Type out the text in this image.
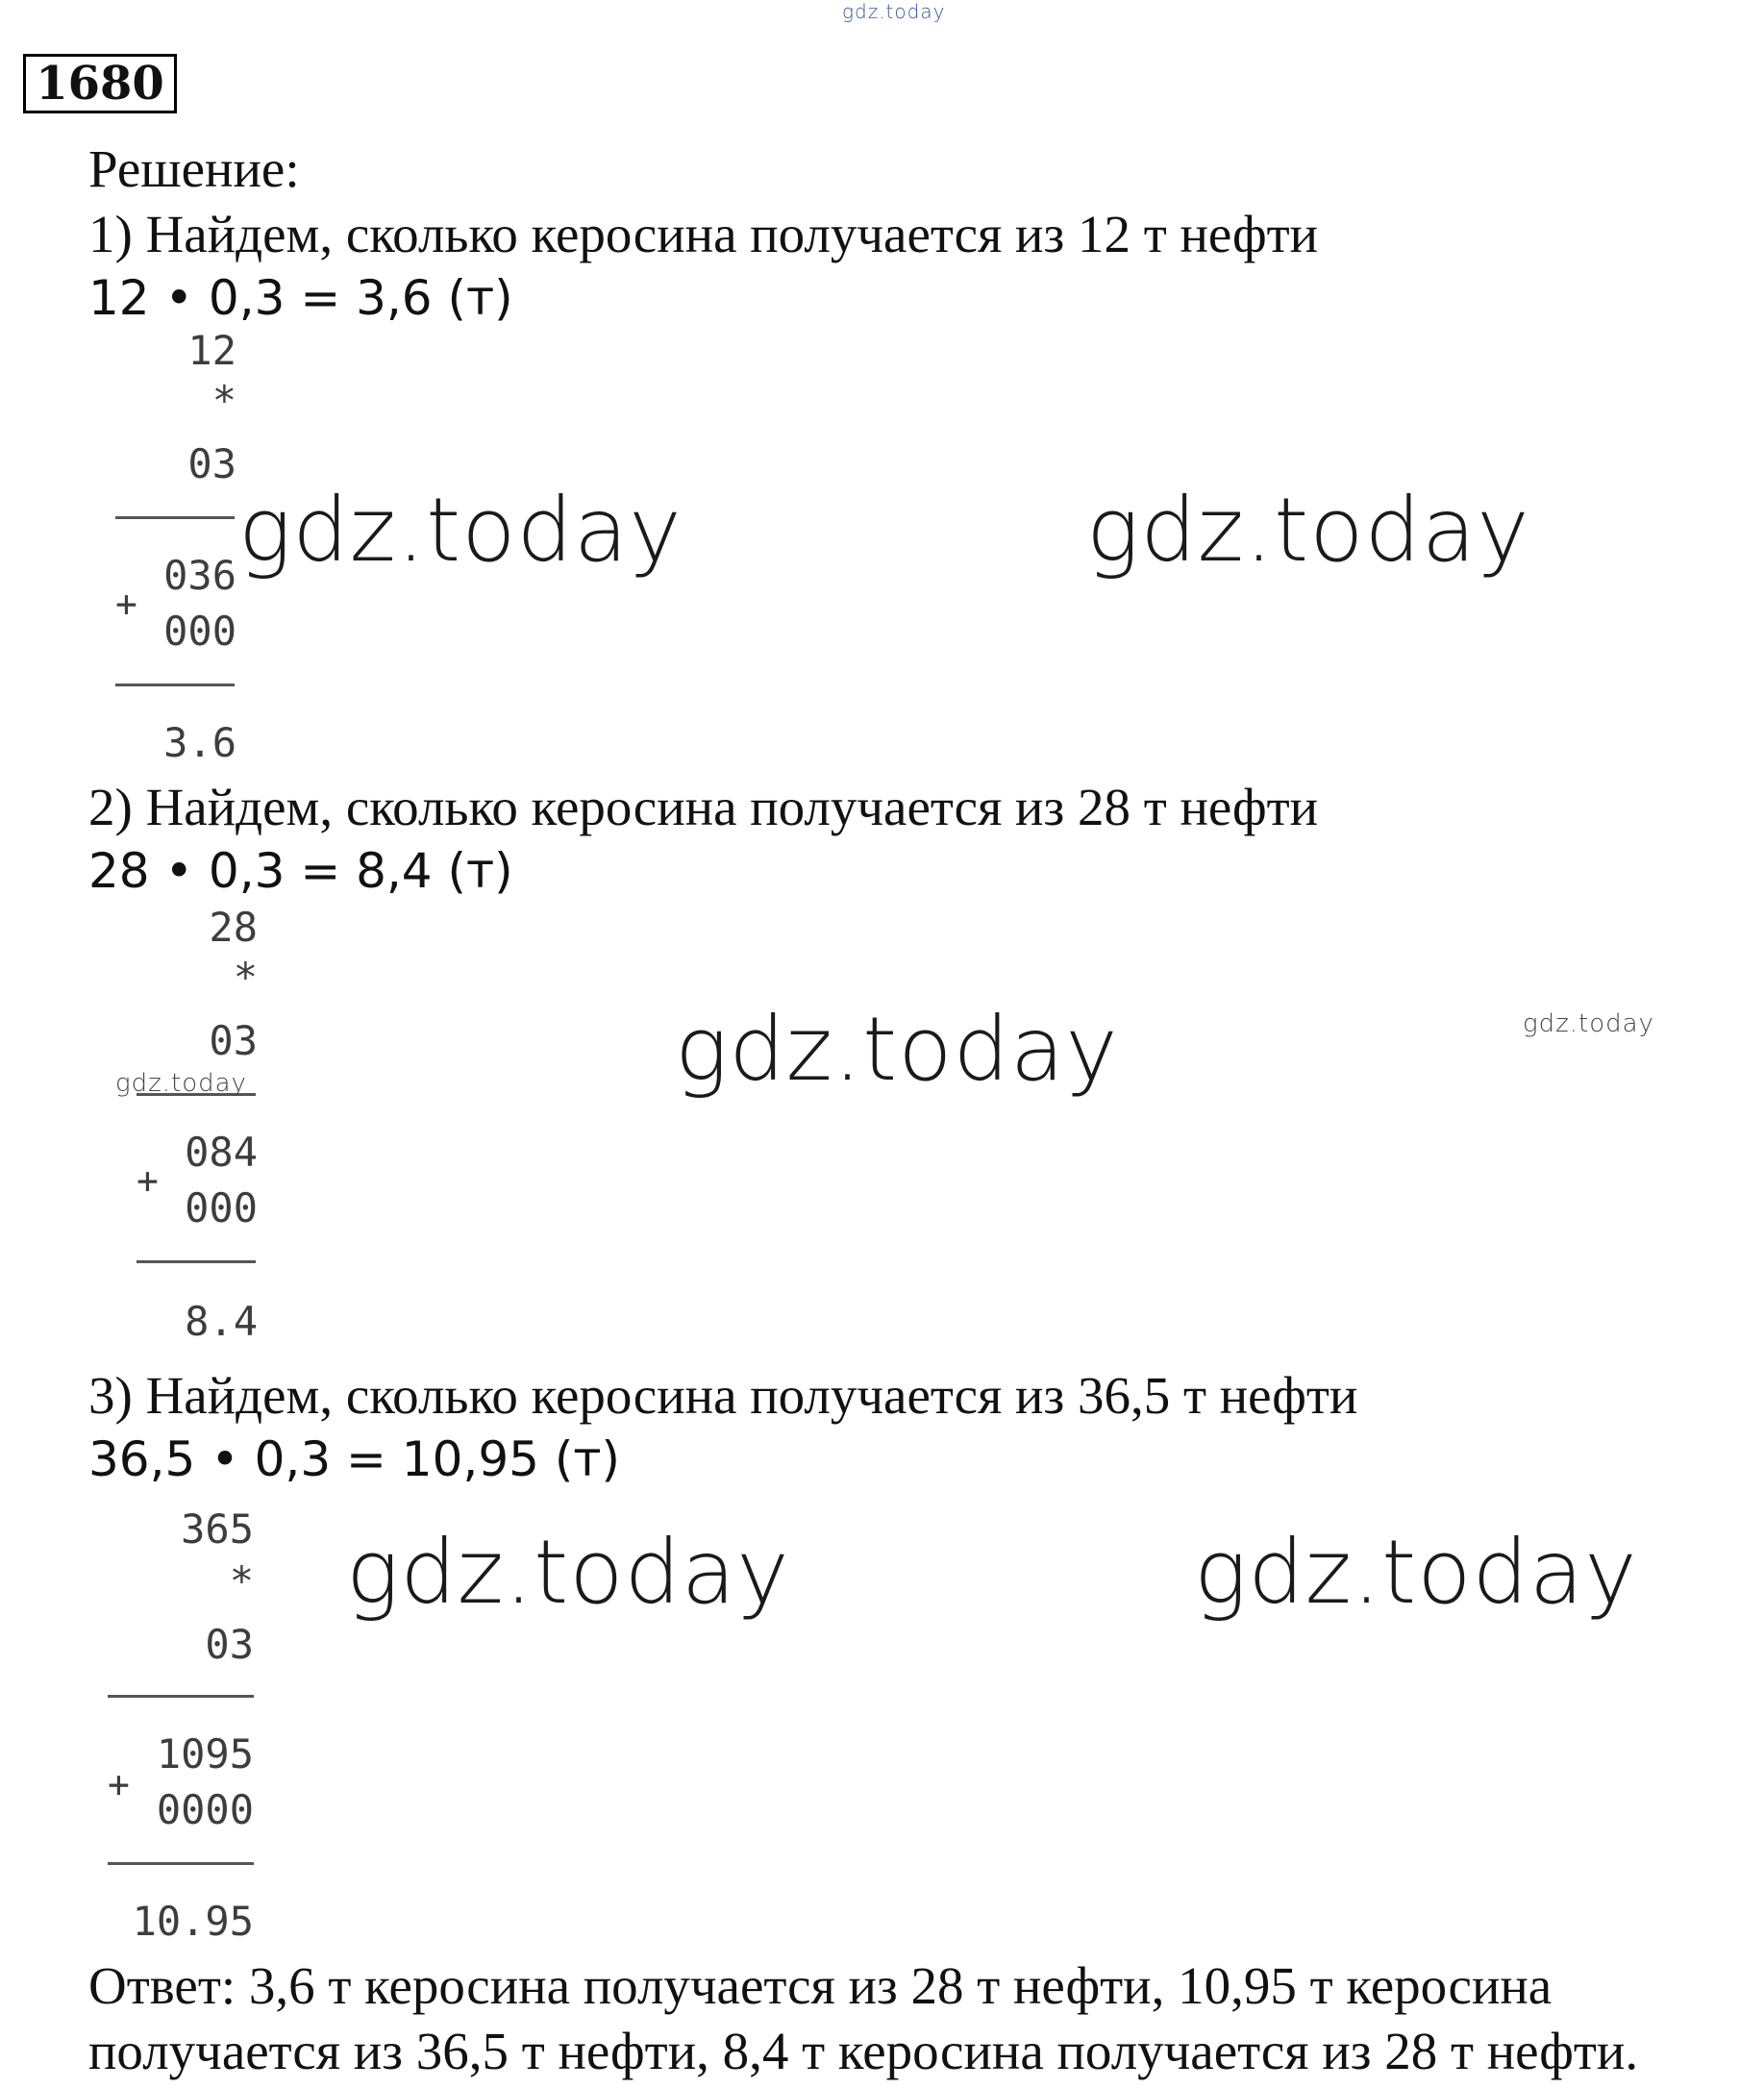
gdz.today
1680
Решение:
1) Найдем, сколько керосина получается из 12 т нефти
12 • 0,3 = 3,6 (т)
12
*
03
036
+
000
3.6
gdz.today	gdz.today
2) Найдем, сколько керосина получается из 28 т нефти
28 • 0,3 = 8,4 (т)
28
*
03
gdz.today
084
+
000
8.4
gdz.today	gdz.today
3) Найдем, сколько керосина получается из 36,5 т нефти
36,5 • 0,3 = 10,95 (т)
365
*
03
1095
+
0000
10.95
gdz.today	gdz.today
Ответ: 3,6 т керосина получается из 28 т нефти, 10,95 т керосина
получается из 36,5 т нефти, 8,4 т керосина получается из 28 т нефти.
